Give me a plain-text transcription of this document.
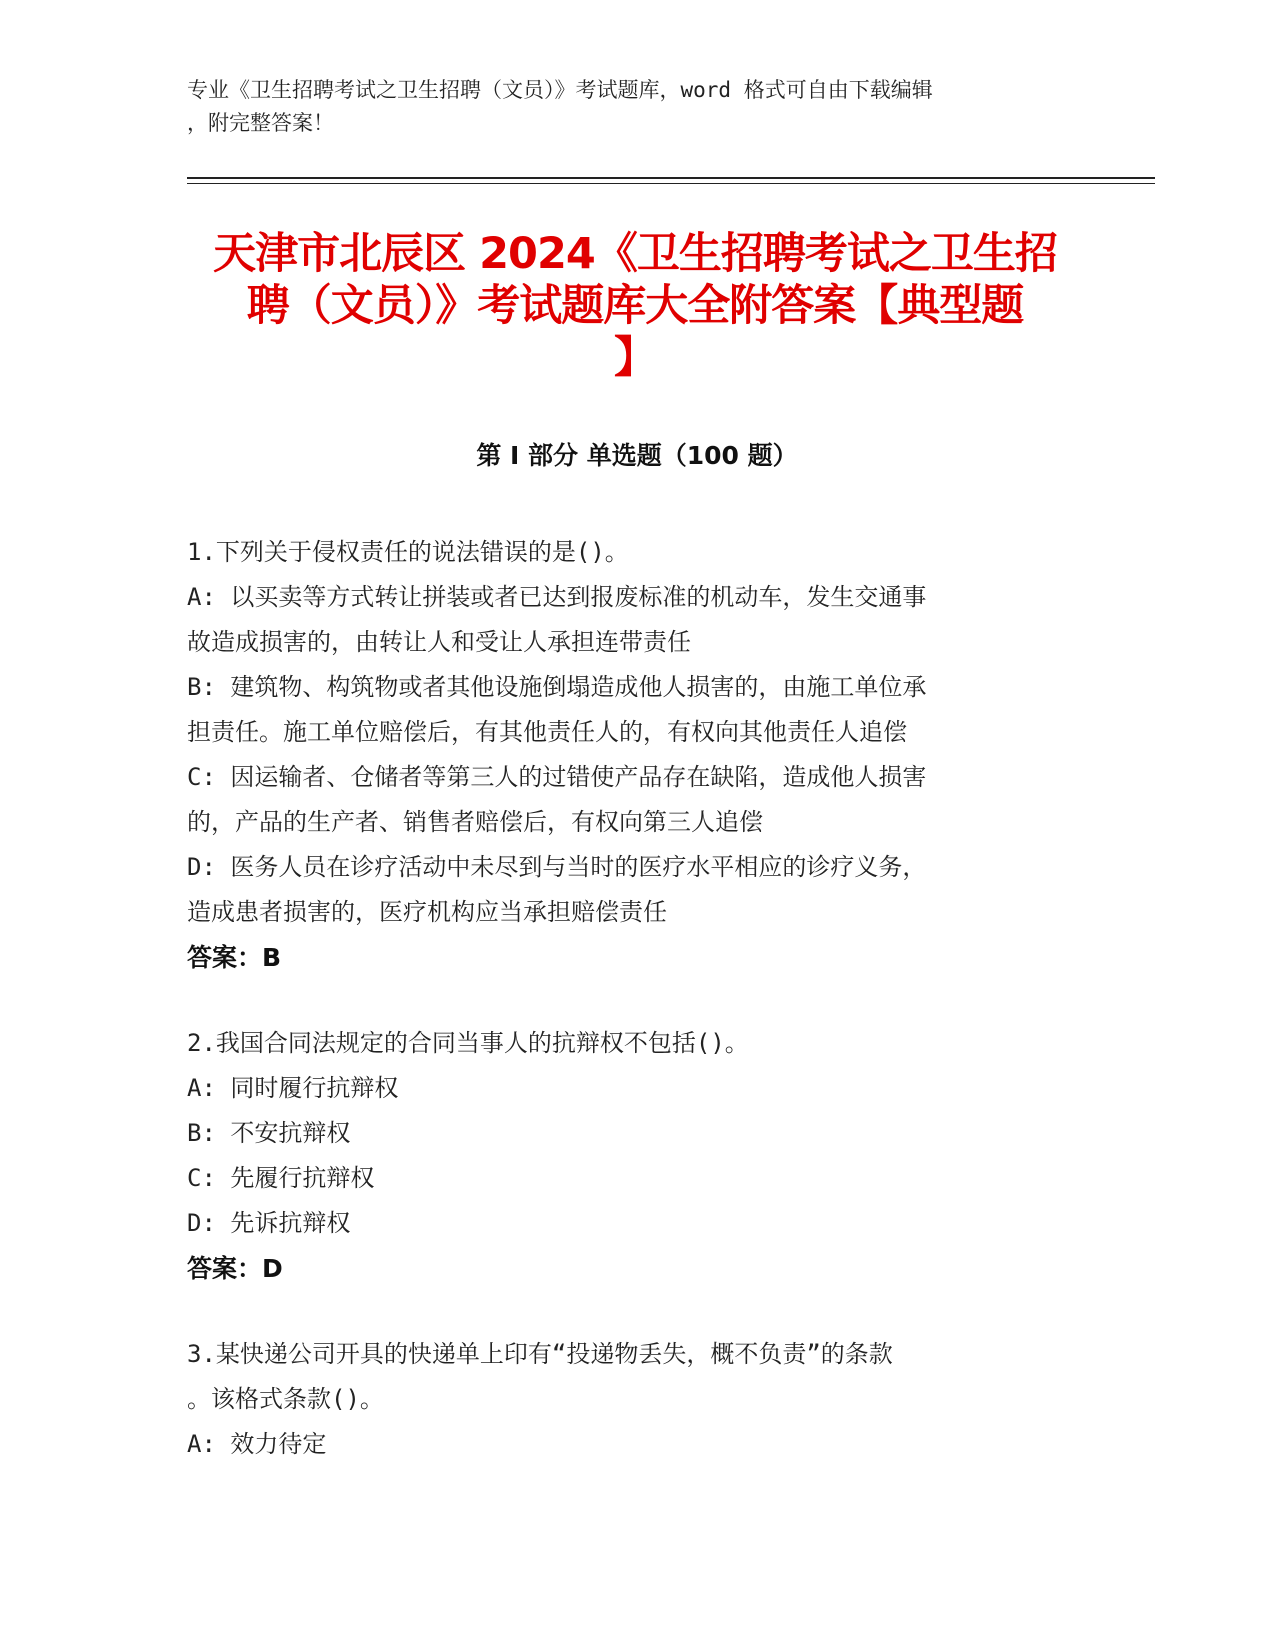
专业《卫生招聘考试之卫生招聘（文员）》考试题库，word 格式可自由下载编辑
，附完整答案！
天津市北辰区 2024《卫生招聘考试之卫生招
聘（文员）》考试题库大全附答案【典型题
】
第 I 部分 单选题（100 题）
1.下列关于侵权责任的说法错误的是()。
A: 以买卖等方式转让拼装或者已达到报废标准的机动车，发生交通事
故造成损害的，由转让人和受让人承担连带责任
B: 建筑物、构筑物或者其他设施倒塌造成他人损害的，由施工单位承
担责任。施工单位赔偿后，有其他责任人的，有权向其他责任人追偿
C: 因运输者、仓储者等第三人的过错使产品存在缺陷，造成他人损害
的，产品的生产者、销售者赔偿后，有权向第三人追偿
D: 医务人员在诊疗活动中未尽到与当时的医疗水平相应的诊疗义务，
造成患者损害的，医疗机构应当承担赔偿责任
答案：B
2.我国合同法规定的合同当事人的抗辩权不包括()。
A: 同时履行抗辩权
B: 不安抗辩权
C: 先履行抗辩权
D: 先诉抗辩权
答案：D
3.某快递公司开具的快递单上印有“投递物丢失，概不负责”的条款
。该格式条款()。
A: 效力待定
